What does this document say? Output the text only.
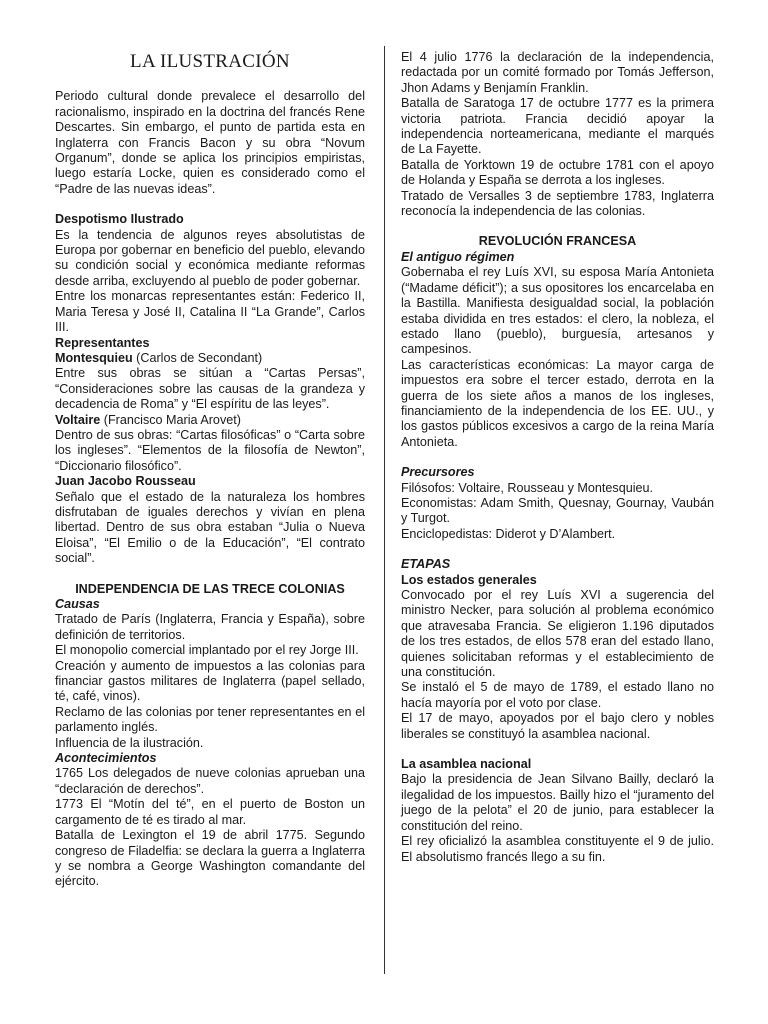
LA ILUSTRACIÓN

Periodo cultural donde prevalece el desarrollo del racionalismo, inspirado en la doctrina del francés Rene Descartes. Sin embargo, el punto de partida esta en Inglaterra con Francis Bacon y su obra “Novum Organum”, donde se aplica los principios empiristas, luego estaría Locke, quien es considerado como el “Padre de las nuevas ideas”.

Despotismo Ilustrado

Es la tendencia de algunos reyes absolutistas de Europa por gobernar en beneficio del pueblo, elevando su condición social y económica mediante reformas desde arriba, excluyendo al pueblo de poder gobernar.

Entre los monarcas representantes están: Federico II, Maria Teresa y José II, Catalina II “La Grande”, Carlos III.

Representantes

Montesquieu (Carlos de Secondant)

Entre sus obras se sitúan a “Cartas Persas”, “Consideraciones sobre las causas de la grandeza y decadencia de Roma” y “El espíritu de las leyes”.

Voltaire (Francisco Maria Arovet)

Dentro de sus obras: “Cartas filosóficas” o “Carta sobre los ingleses”. “Elementos de la filosofía de Newton”, “Diccionario filosófico”.

Juan Jacobo Rousseau

Señalo que el estado de la naturaleza los hombres disfrutaban de iguales derechos y vivían en plena libertad. Dentro de sus obra estaban “Julia o Nueva Eloisa”, “El Emilio o de la Educación”, “El contrato social”.

INDEPENDENCIA DE LAS TRECE COLONIAS

Causas

Tratado de París (Inglaterra, Francia y España), sobre definición de territorios.

El monopolio comercial implantado por el rey Jorge III.

Creación y aumento de impuestos a las colonias para financiar gastos militares de Inglaterra (papel sellado, té, café, vinos).

Reclamo de las colonias por tener representantes en el parlamento inglés.

Influencia de la ilustración.

Acontecimientos

1765 Los delegados de nueve colonias aprueban una “declaración de derechos”.

1773 El “Motín del té”, en el puerto de Boston un cargamento de té es tirado al mar.

Batalla de Lexington el 19 de abril 1775. Segundo congreso de Filadelfia: se declara la guerra a Inglaterra y se nombra a George Washington comandante del ejército.

El 4 julio 1776 la declaración de la independencia, redactada por un comité formado por Tomás Jefferson, Jhon Adams y Benjamín Franklin.

Batalla de Saratoga 17 de octubre 1777 es la primera victoria patriota. Francia decidió apoyar la independencia norteamericana, mediante el marqués de La Fayette.

Batalla de Yorktown 19 de octubre 1781 con el apoyo de Holanda y España se derrota a los ingleses.

Tratado de Versalles 3 de septiembre 1783, Inglaterra reconocía la independencia de las colonias.

REVOLUCIÓN FRANCESA

El antiguo régimen

Gobernaba el rey Luís XVI, su esposa María Antonieta (“Madame déficit”); a sus opositores los encarcelaba en la Bastilla. Manifiesta desigualdad social, la población estaba dividida en tres estados: el clero, la nobleza, el estado llano (pueblo), burguesía, artesanos y campesinos.

Las características económicas: La mayor carga de impuestos era sobre el tercer estado, derrota en la guerra de los siete años a manos de los ingleses, financiamiento de la independencia de los EE. UU., y los gastos públicos excesivos a cargo de la reina María Antonieta.

Precursores

Filósofos: Voltaire, Rousseau y Montesquieu.

Economistas: Adam Smith, Quesnay, Gournay, Vaubán y Turgot.

Enciclopedistas: Diderot y D’Alambert.

ETAPAS

Los estados generales

Convocado por el rey Luís XVI a sugerencia del ministro Necker, para solución al problema económico que atravesaba Francia. Se eligieron 1.196 diputados de los tres estados, de ellos 578 eran del estado llano, quienes solicitaban reformas y el establecimiento de una constitución.

Se instaló el 5 de mayo de 1789, el estado llano no hacía mayoría por el voto por clase.

El 17 de mayo, apoyados por el bajo clero y nobles liberales se constituyó la asamblea nacional.

La asamblea nacional

Bajo la presidencia de Jean Silvano Bailly, declaró la ilegalidad de los impuestos. Bailly hizo el “juramento del juego de la pelota” el 20 de junio, para establecer la constitución del reino.

El rey oficializó la asamblea constituyente el 9 de julio. El absolutismo francés llego a su fin.
